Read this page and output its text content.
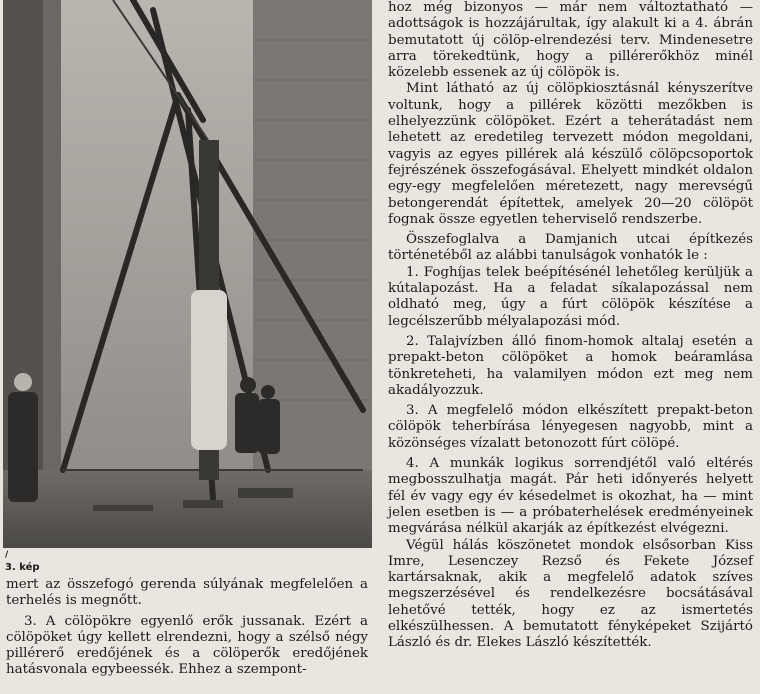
/
3. kép

mert az összefogó gerenda súlyának megfelelően a terhelés is megnőtt.

3. A cölöpökre egyenlő erők jussanak. Ezért a cölöpöket úgy kellett elrendezni, hogy a szélső négy pillérerő eredőjének és a cölöperők eredőjének hatásvonala egybeessék. Ehhez a szempont-

hoz még bizonyos — már nem változtatható — adottságok is hozzájárultak, így alakult ki a 4. ábrán bemutatott új cölöp-elrendezési terv. Mindenesetre arra törekedtünk, hogy a pillérerőkhöz minél közelebb essenek az új cölöpök is.

Mint látható az új cölöpkiosztásnál kényszerítve voltunk, hogy a pillérek közötti mezőkben is elhelyezzünk cölöpöket. Ezért a teherátadást nem lehetett az eredetileg tervezett módon megoldani, vagyis az egyes pillérek alá készülő cölöpcsoportok fejrészének összefogásával. Ehelyett mindkét oldalon egy-egy megfelelően méretezett, nagy merevségű betongerendát építettek, amelyek 20—20 cölöpöt fognak össze egyetlen teherviselő rendszerbe.

Összefoglalva a Damjanich utcai építkezés történetéből az alábbi tanulságok vonhatók le :

1. Foghíjas telek beépítésénél lehetőleg kerüljük a kútalapozást. Ha a feladat síkalapozással nem oldható meg, úgy a fúrt cölöpök készítése a legcélszerűbb mélyalapozási mód.

2. Talajvízben álló finom-homok altalaj esetén a prepakt-beton cölöpöket a homok beáramlása tönkreteheti, ha valamilyen módon ezt meg nem akadályozzuk.

3. A megfelelő módon elkészített prepakt-beton cölöpök teherbírása lényegesen nagyobb, mint a közönséges vízalatt betonozott fúrt cölöpé.

4. A munkák logikus sorrendjétől való eltérés megbosszulhatja magát. Pár heti időnyerés helyett fél év vagy egy év késedelmet is okozhat, ha — mint jelen esetben is — a próbaterhelések eredményeinek megvárása nélkül akarják az építkezést elvégezni.

Végül hálás köszönetet mondok elsősorban Kiss Imre, Lesenczey Rezső és Fekete József kartársaknak, akik a megfelelő adatok szíves megszerzésével és rendelkezésre bocsátásával lehetővé tették, hogy ez az ismertetés elkészülhessen. A bemutatott fényképeket Szijártó László és dr. Elekes László készítették.
